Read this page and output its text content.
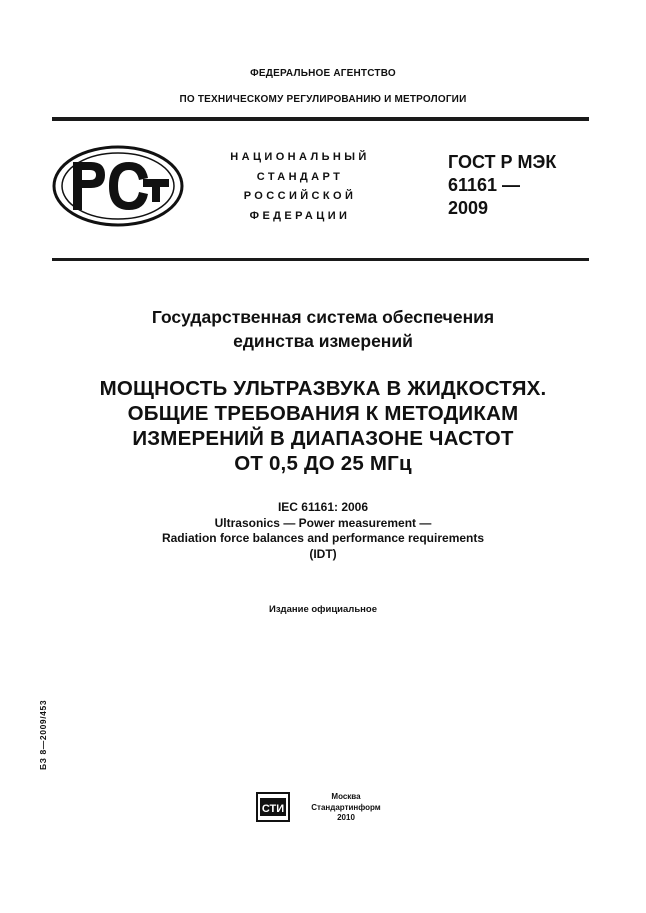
ФЕДЕРАЛЬНОЕ АГЕНТСТВО
ПО ТЕХНИЧЕСКОМУ РЕГУЛИРОВАНИЮ И МЕТРОЛОГИИ
НАЦИОНАЛЬНЫЙ
СТАНДАРТ
РОССИЙСКОЙ
ФЕДЕРАЦИИ
ГОСТ Р МЭК
61161 —
2009
Государственная система обеспечения
единства измерений
МОЩНОСТЬ УЛЬТРАЗВУКА В ЖИДКОСТЯХ.
ОБЩИЕ ТРЕБОВАНИЯ К МЕТОДИКАМ
ИЗМЕРЕНИЙ В ДИАПАЗОНЕ ЧАСТОТ
ОТ 0,5 ДО 25 МГц
IEC 61161: 2006
Ultrasonics — Power measurement —
Radiation force balances and performance requirements
(IDT)
Издание официальное
БЗ 8—2009/453
СТИ
Москва
Стандартинформ
2010
